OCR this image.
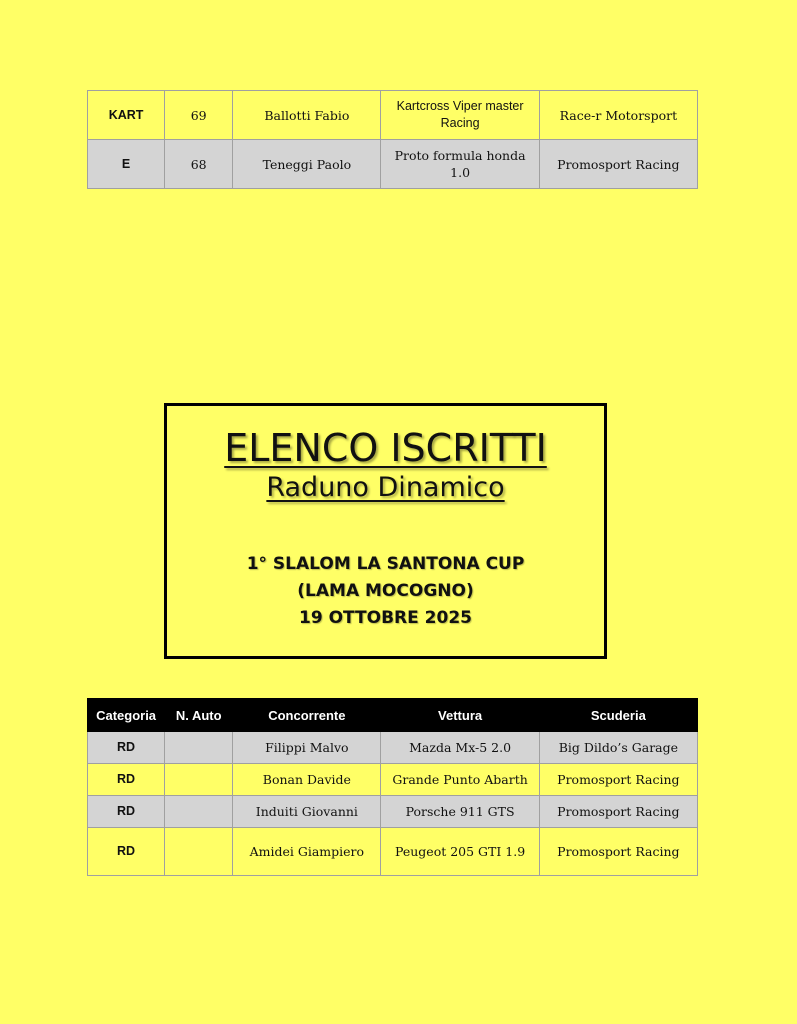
KART	69	Ballotti Fabio	Kartcross Viper master Racing	Race-r Motorsport
E	68	Teneggi Paolo	Proto formula honda 1.0	Promosport Racing
ELENCO ISCRITTI
Raduno Dinamico
1° SLALOM LA SANTONA CUP
(LAMA MOCOGNO)
19 OTTOBRE 2025
Categoria	N. Auto	Concorrente	Vettura	Scuderia
RD		Filippi Malvo	Mazda Mx-5 2.0	Big Dildo’s Garage
RD		Bonan Davide	Grande Punto Abarth	Promosport Racing
RD		Induiti Giovanni	Porsche 911 GTS	Promosport Racing
RD		Amidei Giampiero	Peugeot 205 GTI 1.9	Promosport Racing
